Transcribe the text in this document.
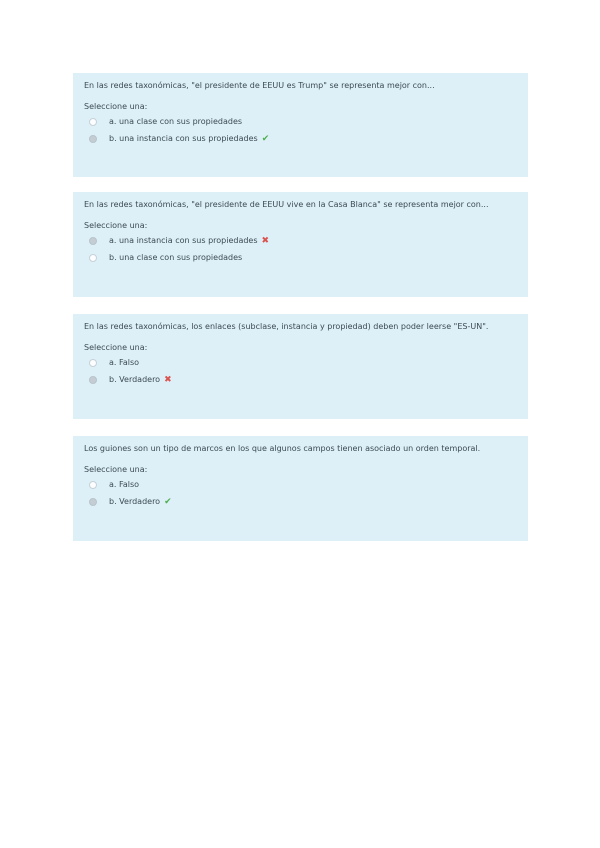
En las redes taxonómicas, "el presidente de EEUU es Trump" se representa mejor con...

Seleccione una:
a. una clase con sus propiedades
b. una instancia con sus propiedades ✔

En las redes taxonómicas, "el presidente de EEUU vive en la Casa Blanca" se representa mejor con...

Seleccione una:
a. una instancia con sus propiedades ✖
b. una clase con sus propiedades

En las redes taxonómicas, los enlaces (subclase, instancia y propiedad) deben poder leerse "ES-UN".

Seleccione una:
a. Falso
b. Verdadero ✖

Los guiones son un tipo de marcos en los que algunos campos tienen asociado un orden temporal.

Seleccione una:
a. Falso
b. Verdadero ✔
